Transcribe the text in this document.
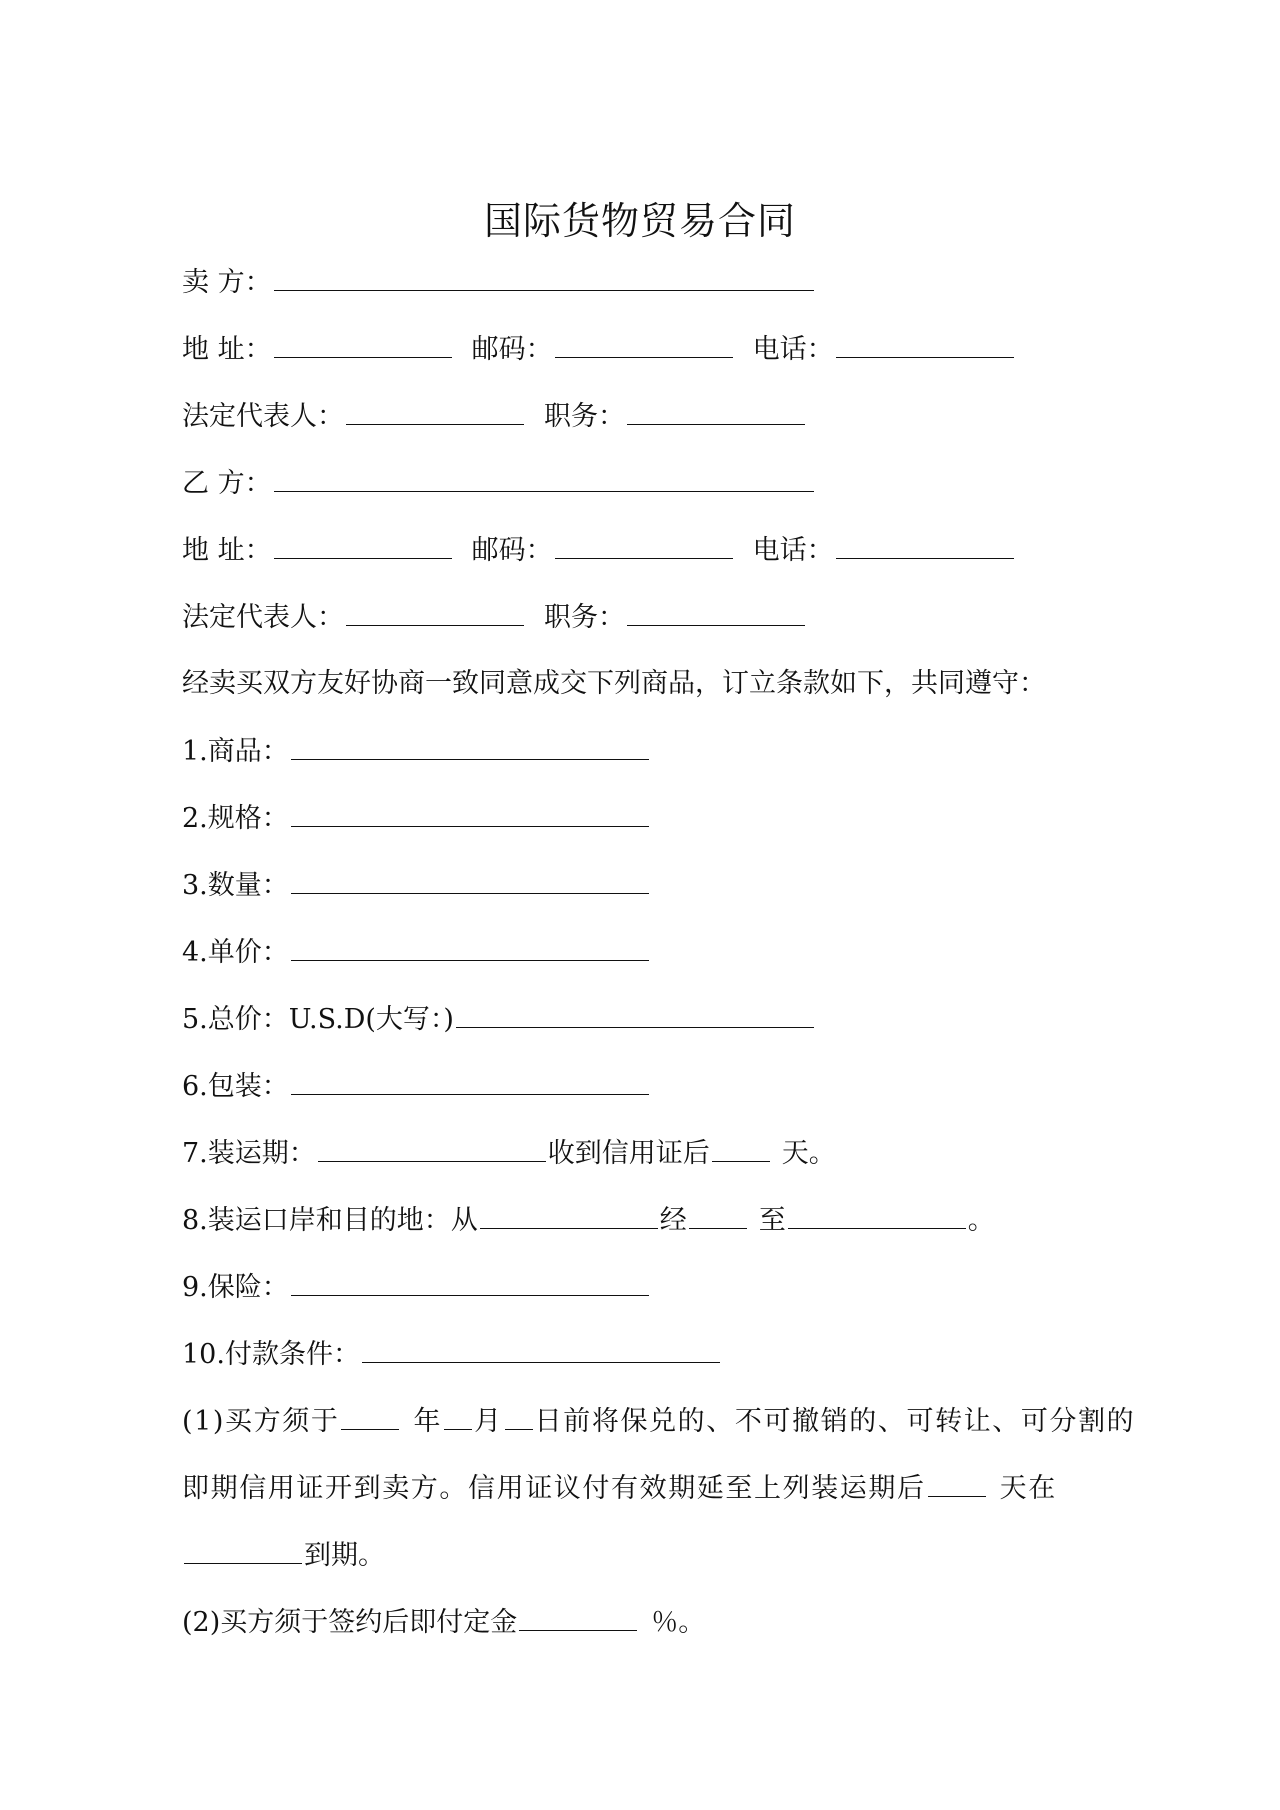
国际货物贸易合同
卖 方：
地 址：	邮码：	电话：
法定代表人：	职务：
乙 方：
地 址：	邮码：	电话：
法定代表人：	职务：
经卖买双方友好协商一致同意成交下列商品，订立条款如下，共同遵守：
1.商品：
2.规格：
3.数量：
4.单价：
5.总价：U.S.D(大写：)
6.包装：
7.装运期：	收到信用证后	天。
8.装运口岸和目的地：从	经	至	。
9.保险：
10.付款条件：
(1)买方须于	年 月 日前将保兑的、不可撤销的、可转让、可分割的
即期信用证开到卖方。信用证议付有效期延至上列装运期后	天在
到期。
(2)买方须于签约后即付定金	％。
